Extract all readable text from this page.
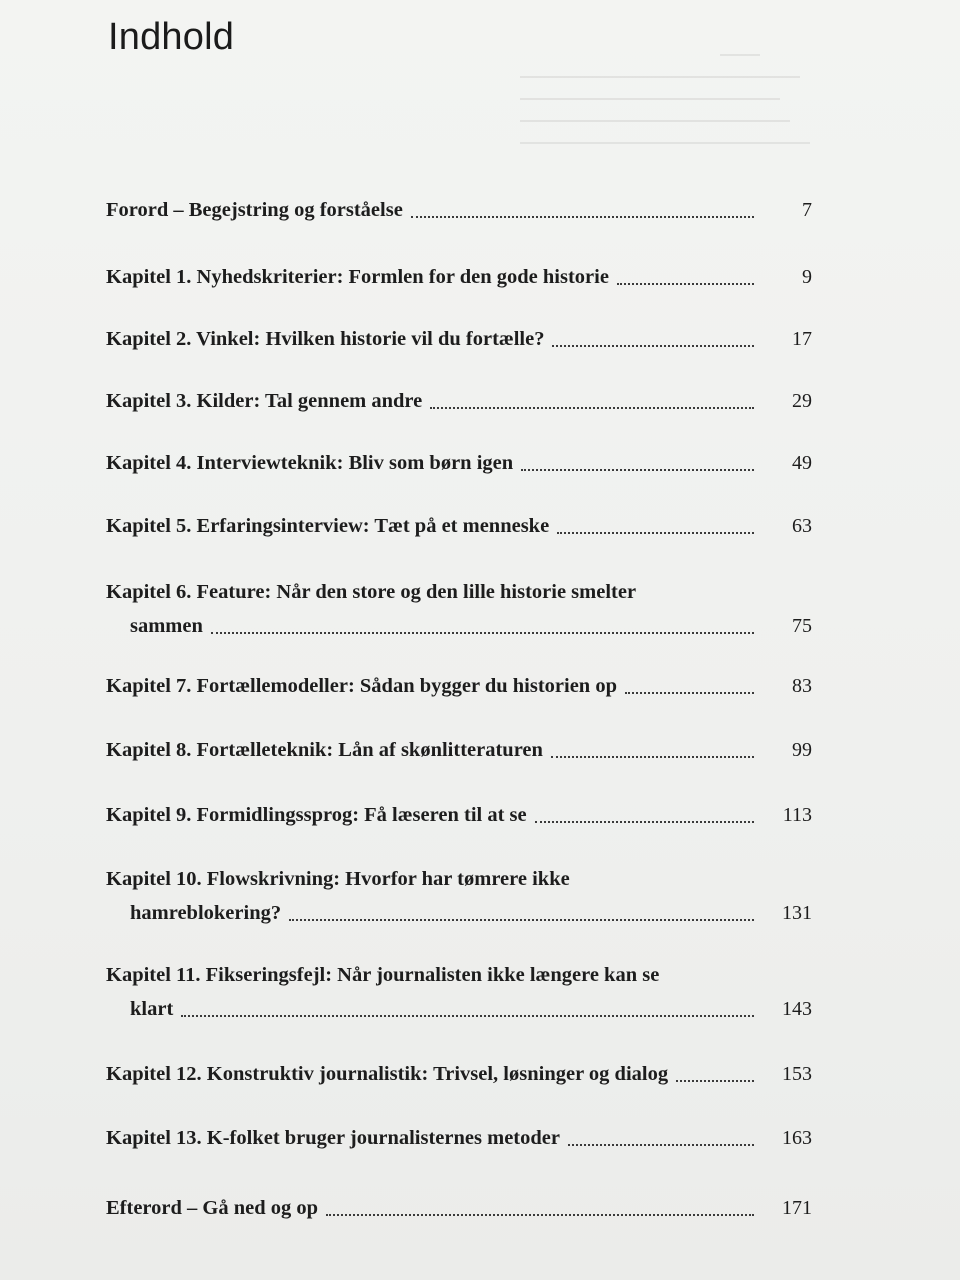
Indhold
Forord – Begejstring og forståelse	7
Kapitel 1. Nyhedskriterier: Formlen for den gode historie	9
Kapitel 2. Vinkel: Hvilken historie vil du fortælle?	17
Kapitel 3. Kilder: Tal gennem andre	29
Kapitel 4. Interviewteknik: Bliv som børn igen	49
Kapitel 5. Erfaringsinterview: Tæt på et menneske	63
Kapitel 6. Feature: Når den store og den lille historie smelter
sammen	75
Kapitel 7. Fortællemodeller: Sådan bygger du historien op	83
Kapitel 8. Fortælleteknik: Lån af skønlitteraturen	99
Kapitel 9. Formidlingssprog: Få læseren til at se	113
Kapitel 10. Flowskrivning: Hvorfor har tømrere ikke
hamreblokering?	131
Kapitel 11. Fikseringsfejl: Når journalisten ikke længere kan se
klart	143
Kapitel 12. Konstruktiv journalistik: Trivsel, løsninger og dialog	153
Kapitel 13. K-folket bruger journalisternes metoder	163
Efterord – Gå ned og op	171
